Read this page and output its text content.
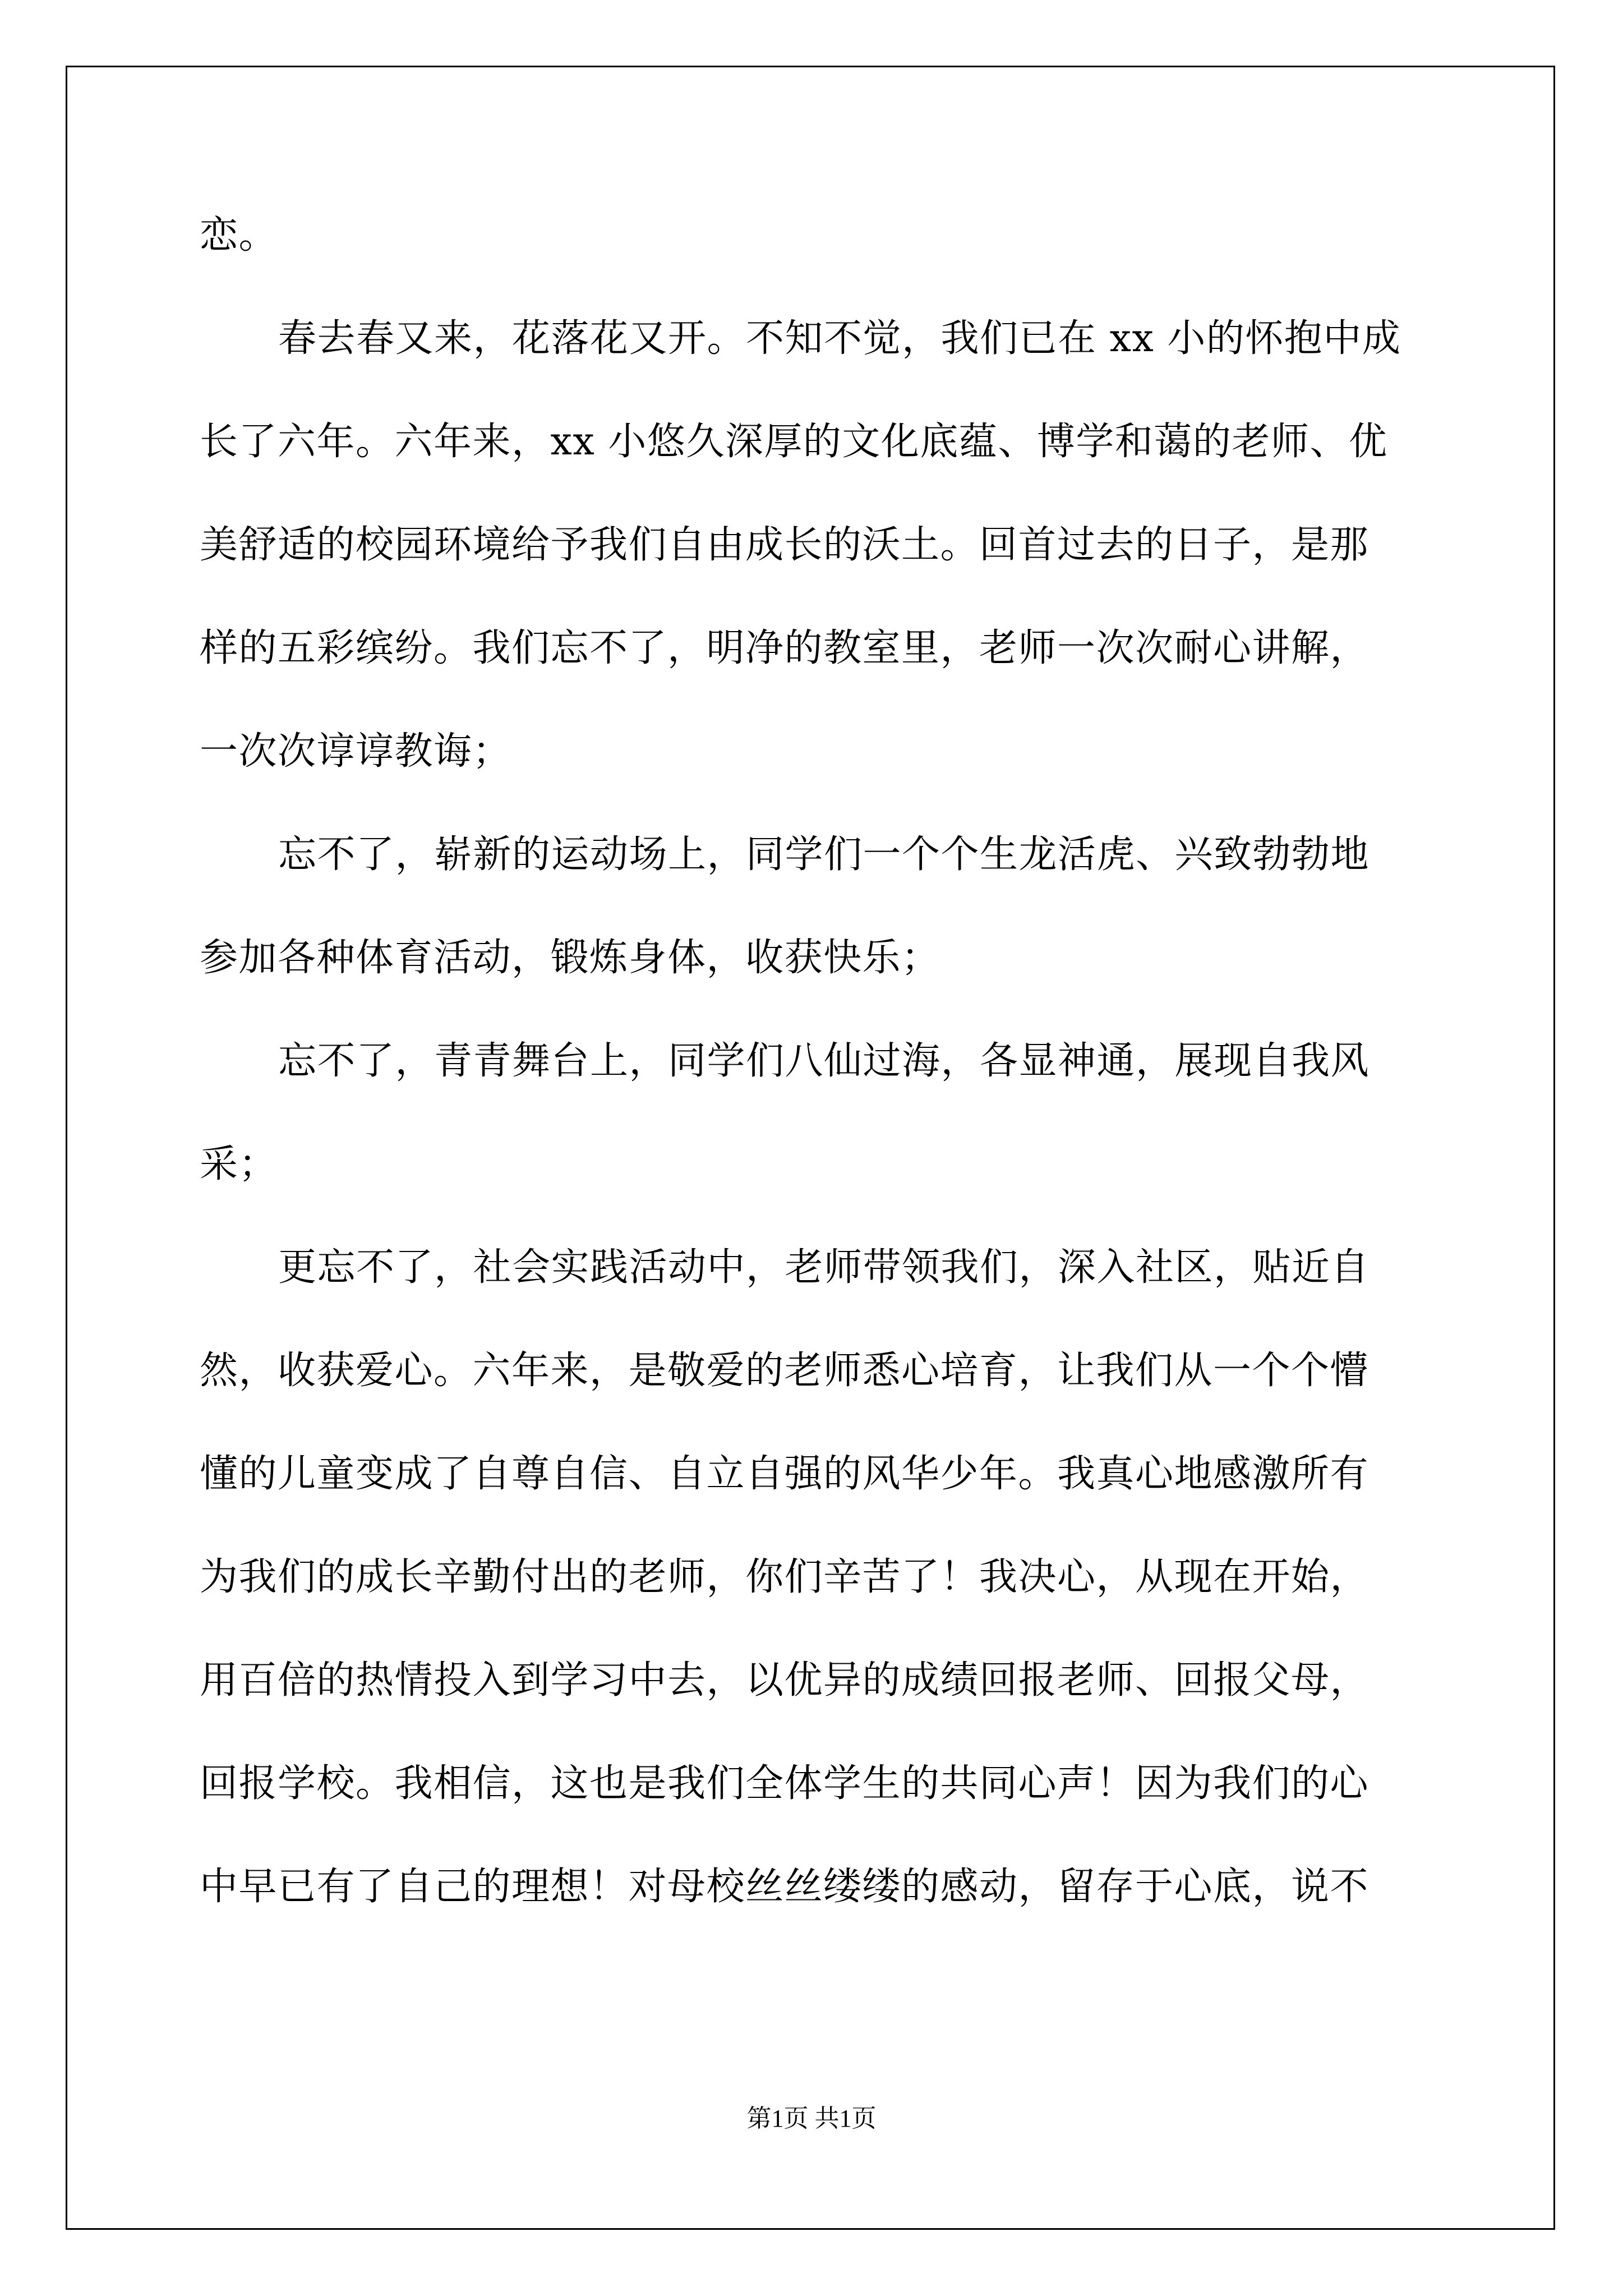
恋。
春去春又来，花落花又开。不知不觉，我们已在 xx 小的怀抱中成
长了六年。六年来，xx 小悠久深厚的文化底蕴、博学和蔼的老师、优
美舒适的校园环境给予我们自由成长的沃土。回首过去的日子，是那
样的五彩缤纷。我们忘不了，明净的教室里，老师一次次耐心讲解，
一次次谆谆教诲；
忘不了，崭新的运动场上，同学们一个个生龙活虎、兴致勃勃地
参加各种体育活动，锻炼身体，收获快乐；
忘不了，青青舞台上，同学们八仙过海，各显神通，展现自我风
采；
更忘不了，社会实践活动中，老师带领我们，深入社区，贴近自
然，收获爱心。六年来，是敬爱的老师悉心培育，让我们从一个个懵
懂的儿童变成了自尊自信、自立自强的风华少年。我真心地感激所有
为我们的成长辛勤付出的老师，你们辛苦了！我决心，从现在开始，
用百倍的热情投入到学习中去，以优异的成绩回报老师、回报父母，
回报学校。我相信，这也是我们全体学生的共同心声！因为我们的心
中早已有了自己的理想！对母校丝丝缕缕的感动，留存于心底，说不
第1页 共1页
